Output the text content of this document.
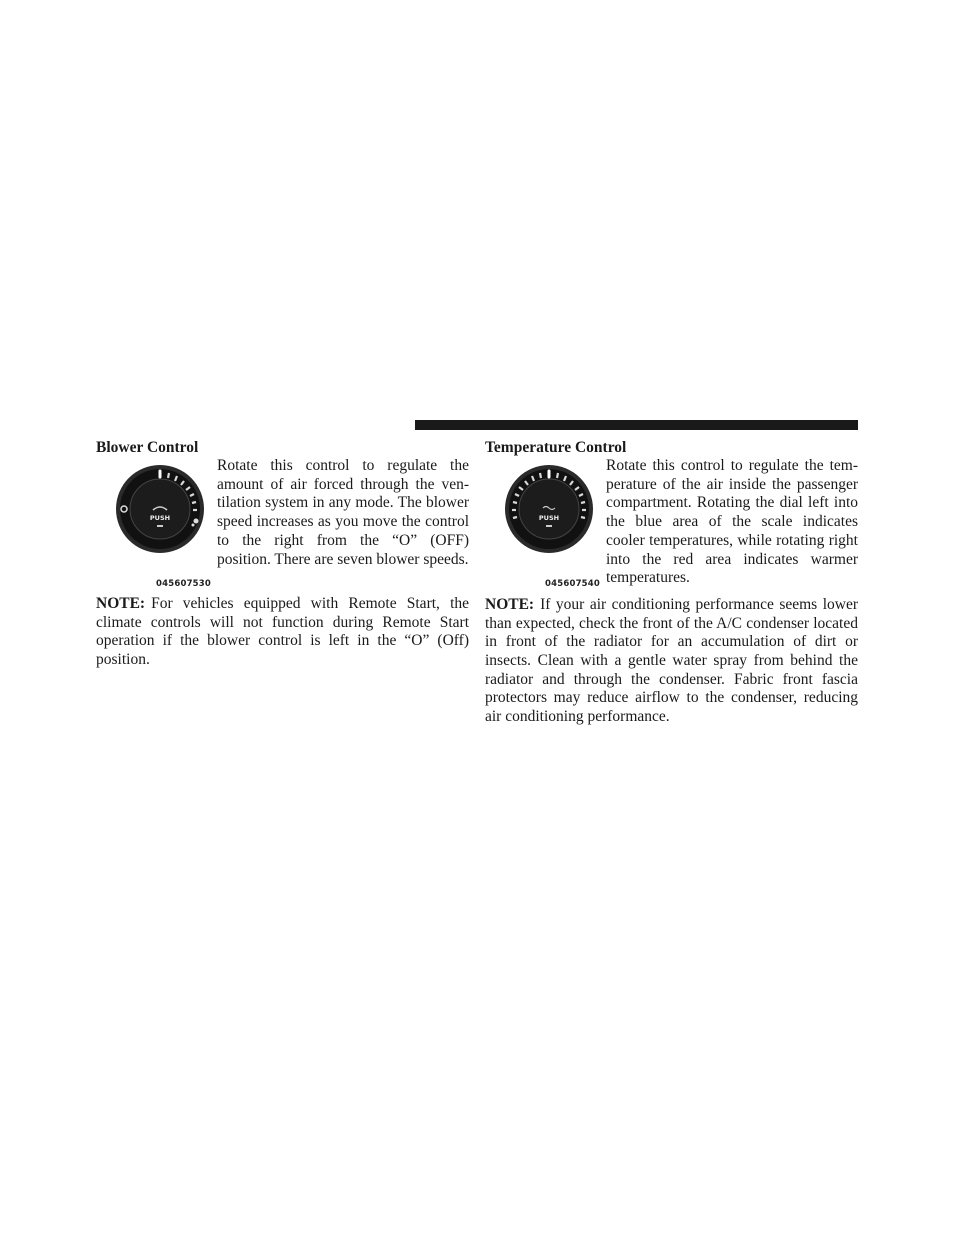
Blower Control
PUSH
045607530

Rotate this control to regulate the amount of air forced through the ventilation system in any mode. The blower speed increases as you move the control to the right from the “O” (OFF) position. There are seven blower speeds.

NOTE: For vehicles equipped with Remote Start, the climate controls will not function during Remote Start operation if the blower control is left in the “O” (Off) position.

Temperature Control
PUSH
045607540

Rotate this control to regulate the temperature of the air inside the passenger compartment. Rotating the dial left into the blue area of the scale indicates cooler temperatures, while rotating right into the red area indicates warmer temperatures.

NOTE: If your air conditioning performance seems lower than expected, check the front of the A/C condenser located in front of the radiator for an accumulation of dirt or insects. Clean with a gentle water spray from behind the radiator and through the condenser. Fabric front fascia protectors may reduce airflow to the condenser, reducing air conditioning performance.
